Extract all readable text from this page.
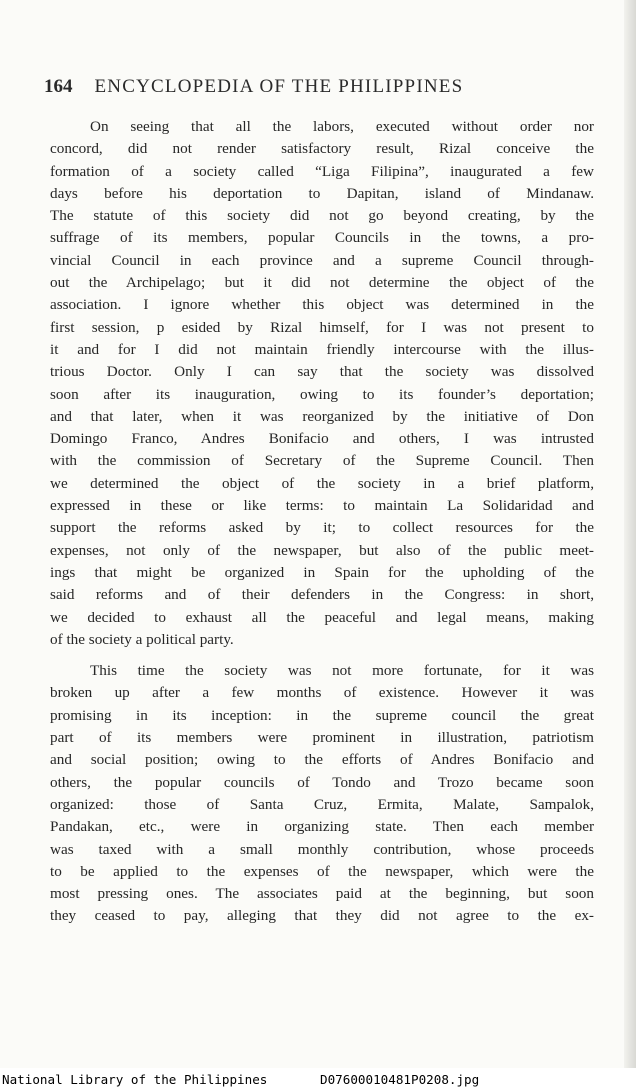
164 ENCYCLOPEDIA OF THE PHILIPPINES
On seeing that all the labors, executed without order nor
concord, did not render satisfactory result, Rizal conceive the
formation of a society called “Liga Filipina”, inaugurated a few
days before his deportation to Dapitan, island of Mindanaw.
The statute of this society did not go beyond creating, by the
suffrage of its members, popular Councils in the towns, a pro-
vincial Council in each province and a supreme Council through-
out the Archipelago; but it did not determine the object of the
association. I ignore whether this object was determined in the
first session, p esided by Rizal himself, for I was not present to
it and for I did not maintain friendly intercourse with the illus-
trious Doctor. Only I can say that the society was dissolved
soon after its inauguration, owing to its founder’s deportation;
and that later, when it was reorganized by the initiative of Don
Domingo Franco, Andres Bonifacio and others, I was intrusted
with the commission of Secretary of the Supreme Council. Then
we determined the object of the society in a brief platform,
expressed in these or like terms: to maintain La Solidaridad and
support the reforms asked by it; to collect resources for the
expenses, not only of the newspaper, but also of the public meet-
ings that might be organized in Spain for the upholding of the
said reforms and of their defenders in the Congress: in short,
we decided to exhaust all the peaceful and legal means, making
of the society a political party.
This time the society was not more fortunate, for it was
broken up after a few months of existence. However it was
promising in its inception: in the supreme council the great
part of its members were prominent in illustration, patriotism
and social position; owing to the efforts of Andres Bonifacio and
others, the popular councils of Tondo and Trozo became soon
organized: those of Santa Cruz, Ermita, Malate, Sampalok,
Pandakan, etc., were in organizing state. Then each member
was taxed with a small monthly contribution, whose proceeds
to be applied to the expenses of the newspaper, which were the
most pressing ones. The associates paid at the beginning, but soon
they ceased to pay, alleging that they did not agree to the ex-
National Library of the Philippines	D07600010481P0208.jpg
